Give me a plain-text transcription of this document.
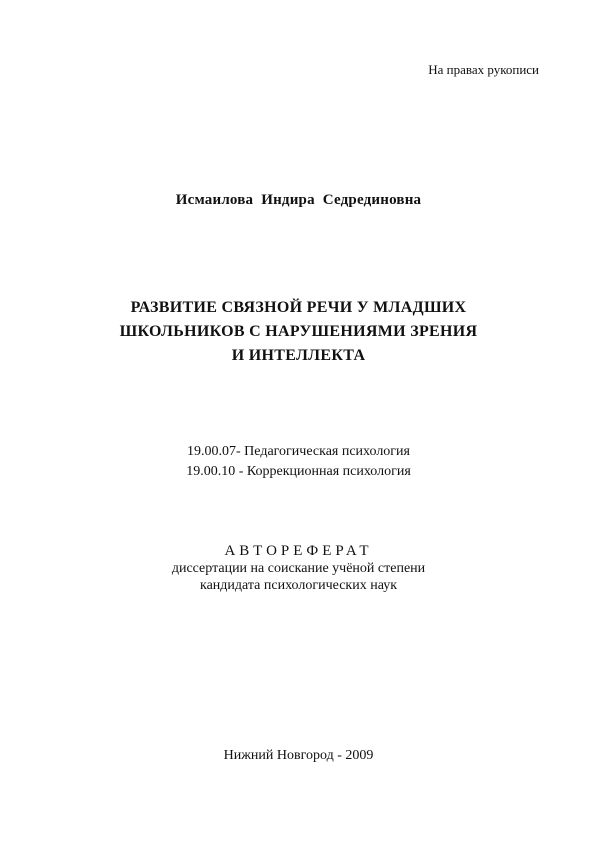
На правах рукописи
Исмаилова Индира Седрединовна
РАЗВИТИЕ СВЯЗНОЙ РЕЧИ У МЛАДШИХ
ШКОЛЬНИКОВ С НАРУШЕНИЯМИ ЗРЕНИЯ
И ИНТЕЛЛЕКТА
19.00.07- Педагогическая психология
19.00.10 - Коррекционная психология
АВТОРЕФЕРАТ
диссертации на соискание учёной степени
кандидата психологических наук
Нижний Новгород - 2009
